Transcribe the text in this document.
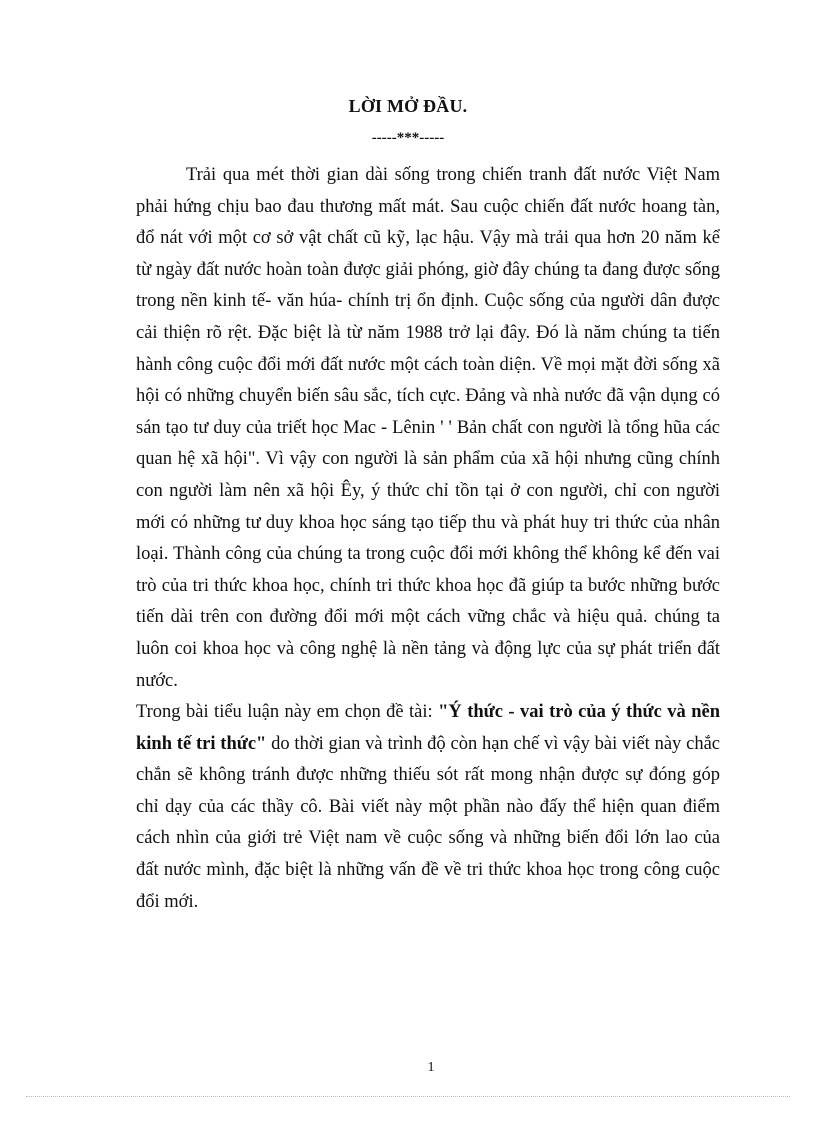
LỜI MỞ ĐẦU.
-----***-----

Trải qua mét thời gian dài sống trong chiến tranh đất nước Việt Nam phải hứng chịu bao đau thương mất mát. Sau cuộc chiến đất nước hoang tàn, đổ nát với một cơ sở vật chất cũ kỹ, lạc hậu. Vậy mà trải qua hơn 20 năm kể từ ngày đất nước hoàn toàn được giải phóng, giờ đây chúng ta đang được sống trong nền kinh tế- văn húa- chính trị ổn định. Cuộc sống của người dân được cải thiện rõ rệt. Đặc biệt là từ năm 1988 trở lại đây. Đó là năm chúng ta tiến hành công cuộc đổi mới đất nước một cách toàn diện. Về mọi mặt đời sống xã hội có những chuyển biến sâu sắc, tích cực. Đảng và nhà nước đã vận dụng có sán tạo tư duy của triết học Mac - Lênin ' ' Bản chất con người là tổng hũa các quan hệ xã hội". Vì vậy con người là sản phẩm của xã hội nhưng cũng chính con người làm nên xã hội Êy, ý thức chỉ tồn tại ở con người, chỉ con người mới có những tư duy khoa học sáng tạo tiếp thu và phát huy tri thức của nhân loại. Thành công của chúng ta trong cuộc đổi mới không thể không kể đến vai trò của tri thức khoa học, chính tri thức khoa học đã giúp ta bước những bước tiến dài trên con đường đổi mới một cách vững chắc và hiệu quả. chúng ta luôn coi khoa học và công nghệ là nền tảng và động lực của sự phát triển đất nước.

Trong bài tiểu luận này em chọn đề tài: "Ý thức - vai trò của ý thức và nền kinh tế tri thức" do thời gian và trình độ còn hạn chế vì vậy bài viết này chắc chắn sẽ không tránh được những thiếu sót rất mong nhận được sự đóng góp chỉ dạy của các thầy cô. Bài viết này một phần nào đấy thể hiện quan điểm cách nhìn của giới trẻ Việt nam về cuộc sống và những biến đổi lớn lao của đất nước mình, đặc biệt là những vấn đề về tri thức khoa học trong công cuộc đổi mới.

1
